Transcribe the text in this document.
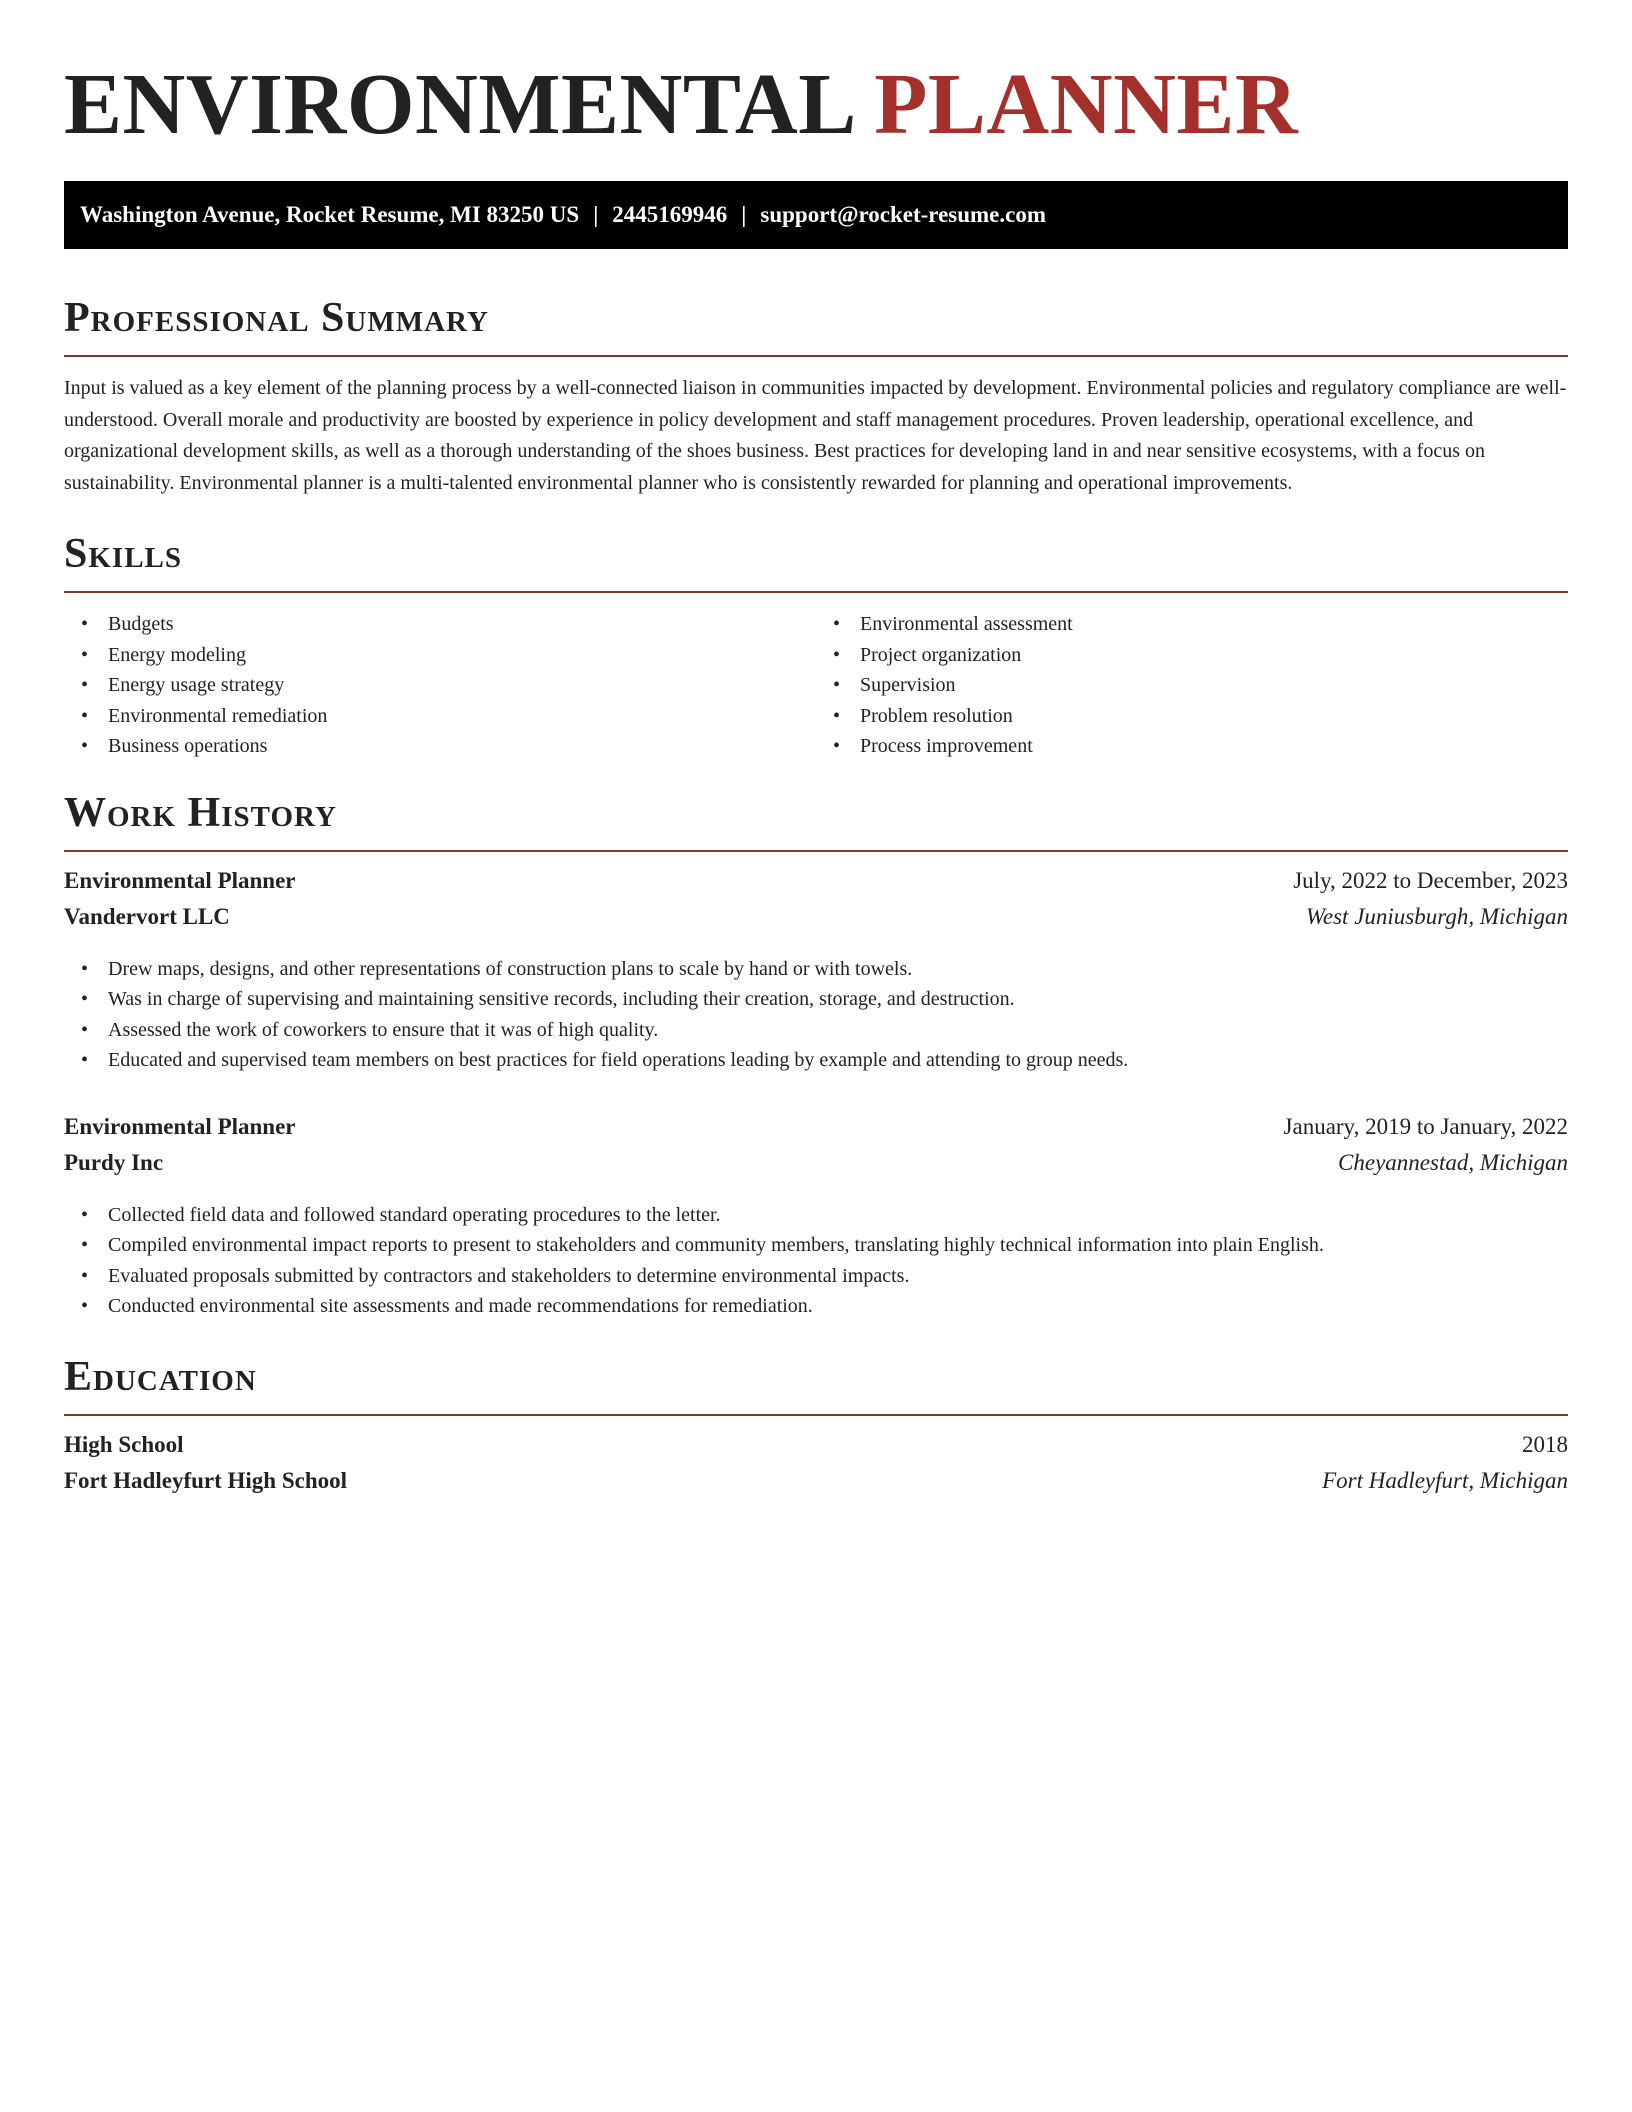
ENVIRONMENTAL PLANNER
Washington Avenue, Rocket Resume, MI 83250 US | 2445169946 | support@rocket-resume.com
Professional Summary

Input is valued as a key element of the planning process by a well-connected liaison in communities impacted by development. Environmental policies and regulatory compliance are well-understood. Overall morale and productivity are boosted by experience in policy development and staff management procedures. Proven leadership, operational excellence, and organizational development skills, as well as a thorough understanding of the shoes business. Best practices for developing land in and near sensitive ecosystems, with a focus on sustainability. Environmental planner is a multi-talented environmental planner who is consistently rewarded for planning and operational improvements.

Skills
• Budgets
• Energy modeling
• Energy usage strategy
• Environmental remediation
• Business operations
• Environmental assessment
• Project organization
• Supervision
• Problem resolution
• Process improvement
Work History
Environmental Planner	July, 2022 to December, 2023
Vandervort LLC	West Juniusburgh, Michigan
• Drew maps, designs, and other representations of construction plans to scale by hand or with towels.
• Was in charge of supervising and maintaining sensitive records, including their creation, storage, and destruction.
• Assessed the work of coworkers to ensure that it was of high quality.
• Educated and supervised team members on best practices for field operations leading by example and attending to group needs.
Environmental Planner	January, 2019 to January, 2022
Purdy Inc	Cheyannestad, Michigan
• Collected field data and followed standard operating procedures to the letter.
• Compiled environmental impact reports to present to stakeholders and community members, translating highly technical information into plain English.
• Evaluated proposals submitted by contractors and stakeholders to determine environmental impacts.
• Conducted environmental site assessments and made recommendations for remediation.
Education
High School	2018
Fort Hadleyfurt High School	Fort Hadleyfurt, Michigan
